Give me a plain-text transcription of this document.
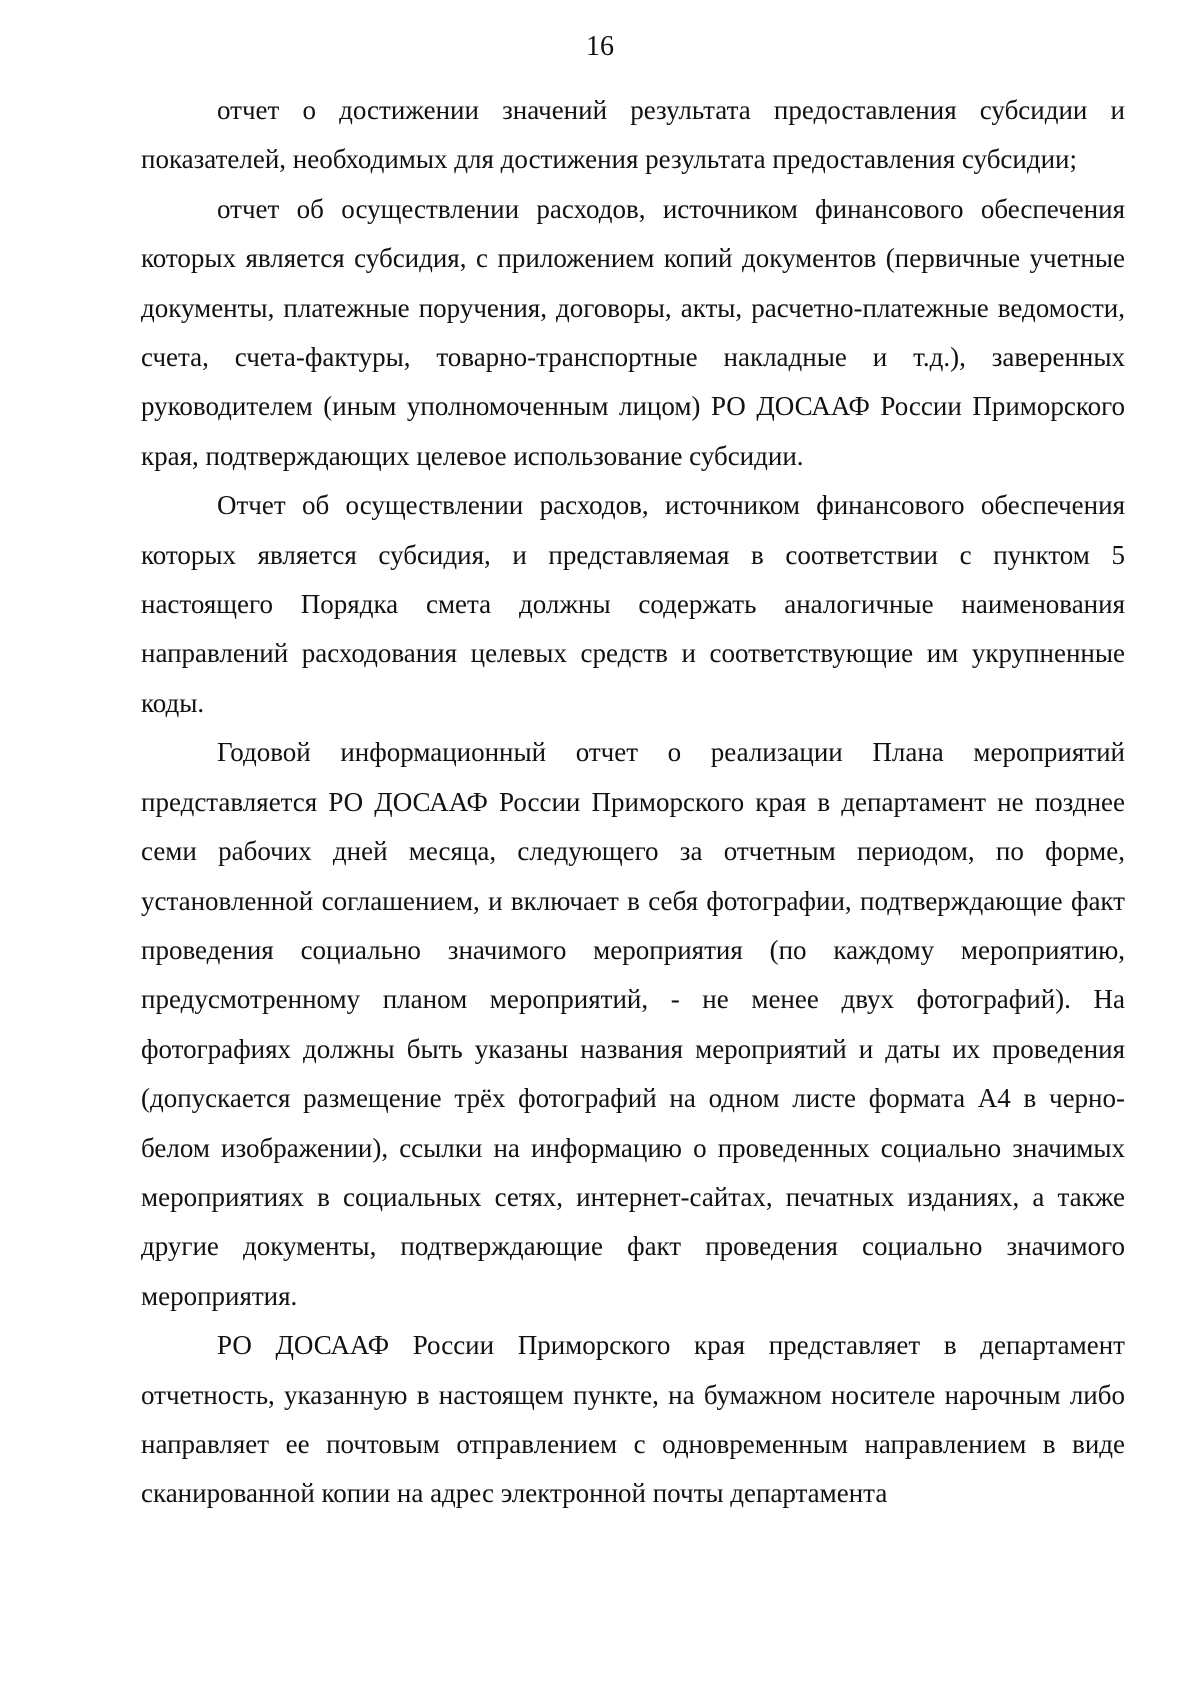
16

отчет о достижении значений результата предоставления субсидии и показателей, необходимых для достижения результата предоставления субсидии;

отчет об осуществлении расходов, источником финансового обеспечения которых является субсидия, с приложением копий документов (первичные учетные документы, платежные поручения, договоры, акты, расчетно-платежные ведомости, счета, счета-фактуры, товарно-транспортные накладные и т.д.), заверенных руководителем (иным уполномоченным лицом) РО ДОСААФ России Приморского края, подтверждающих целевое использование субсидии.

Отчет об осуществлении расходов, источником финансового обеспечения которых является субсидия, и представляемая в соответствии с пунктом 5 настоящего Порядка смета должны содержать аналогичные наименования направлений расходования целевых средств и соответствующие им укрупненные коды.

Годовой информационный отчет о реализации Плана мероприятий представляется РО ДОСААФ России Приморского края в департамент не позднее семи рабочих дней месяца, следующего за отчетным периодом, по форме, установленной соглашением, и включает в себя фотографии, подтверждающие факт проведения социально значимого мероприятия (по каждому мероприятию, предусмотренному планом мероприятий, - не менее двух фотографий). На фотографиях должны быть указаны названия мероприятий и даты их проведения (допускается размещение трёх фотографий на одном листе формата А4 в черно-белом изображении), ссылки на информацию о проведенных социально значимых мероприятиях в социальных сетях, интернет-сайтах, печатных изданиях, а также другие документы, подтверждающие факт проведения социально значимого мероприятия.

РО ДОСААФ России Приморского края представляет в департамент отчетность, указанную в настоящем пункте, на бумажном носителе нарочным либо направляет ее почтовым отправлением с одновременным направлением в виде сканированной копии на адрес электронной почты департамента
